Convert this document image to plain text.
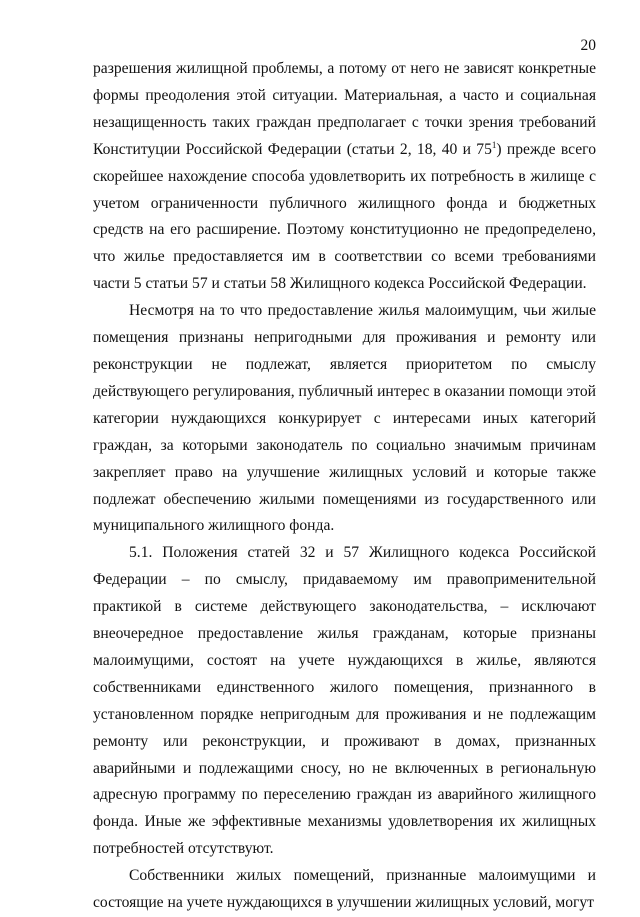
20

разрешения жилищной проблемы, а потому от него не зависят конкретные формы преодоления этой ситуации. Материальная, а часто и социальная незащищенность таких граждан предполагает с точки зрения требований Конституции Российской Федерации (статьи 2, 18, 40 и $75^1$) прежде всего скорейшее нахождение способа удовлетворить их потребность в жилище с учетом ограниченности публичного жилищного фонда и бюджетных средств на его расширение. Поэтому конституционно не предопределено, что жилье предоставляется им в соответствии со всеми требованиями части 5 статьи 57 и статьи 58 Жилищного кодекса Российской Федерации.

Несмотря на то что предоставление жилья малоимущим, чьи жилые помещения признаны непригодными для проживания и ремонту или реконструкции не подлежат, является приоритетом по смыслу действующего регулирования, публичный интерес в оказании помощи этой категории нуждающихся конкурирует с интересами иных категорий граждан, за которыми законодатель по социально значимым причинам закрепляет право на улучшение жилищных условий и которые также подлежат обеспечению жилыми помещениями из государственного или муниципального жилищного фонда.

5.1. Положения статей 32 и 57 Жилищного кодекса Российской Федерации – по смыслу, придаваемому им правоприменительной практикой в системе действующего законодательства, – исключают внеочередное предоставление жилья гражданам, которые признаны малоимущими, состоят на учете нуждающихся в жилье, являются собственниками единственного жилого помещения, признанного в установленном порядке непригодным для проживания и не подлежащим ремонту или реконструкции, и проживают в домах, признанных аварийными и подлежащими сносу, но не включенных в региональную адресную программу по переселению граждан из аварийного жилищного фонда. Иные же эффективные механизмы удовлетворения их жилищных потребностей отсутствуют.

Собственники жилых помещений, признанные малоимущими и состоящие на учете нуждающихся в улучшении жилищных условий, могут
